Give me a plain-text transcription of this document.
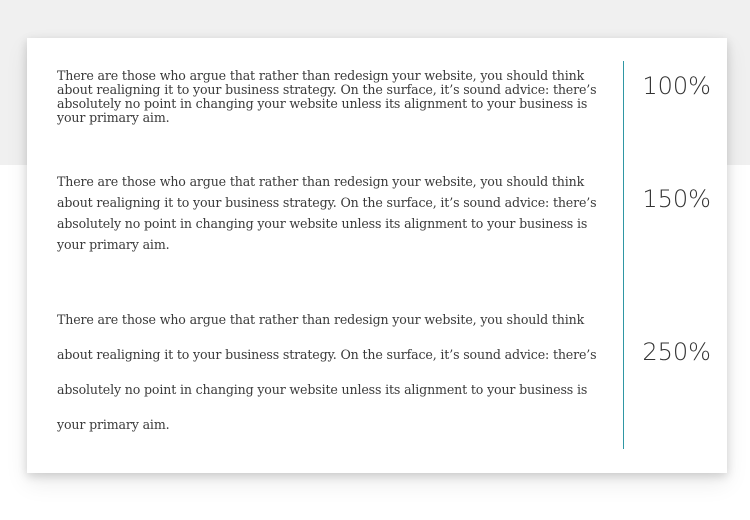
There are those who argue that rather than redesign your website, you should think about realigning it to your business strategy. On the surface, it’s sound advice: there’s absolutely no point in changing your website unless its alignment to your business is your primary aim.

There are those who argue that rather than redesign your website, you should think about realigning it to your business strategy. On the surface, it’s sound advice: there’s absolutely no point in changing your website unless its alignment to your business is your primary aim.

There are those who argue that rather than redesign your website, you should think about realigning it to your business strategy. On the surface, it’s sound advice: there’s absolutely no point in changing your website unless its alignment to your business is your primary aim.

100%
150%
250%
